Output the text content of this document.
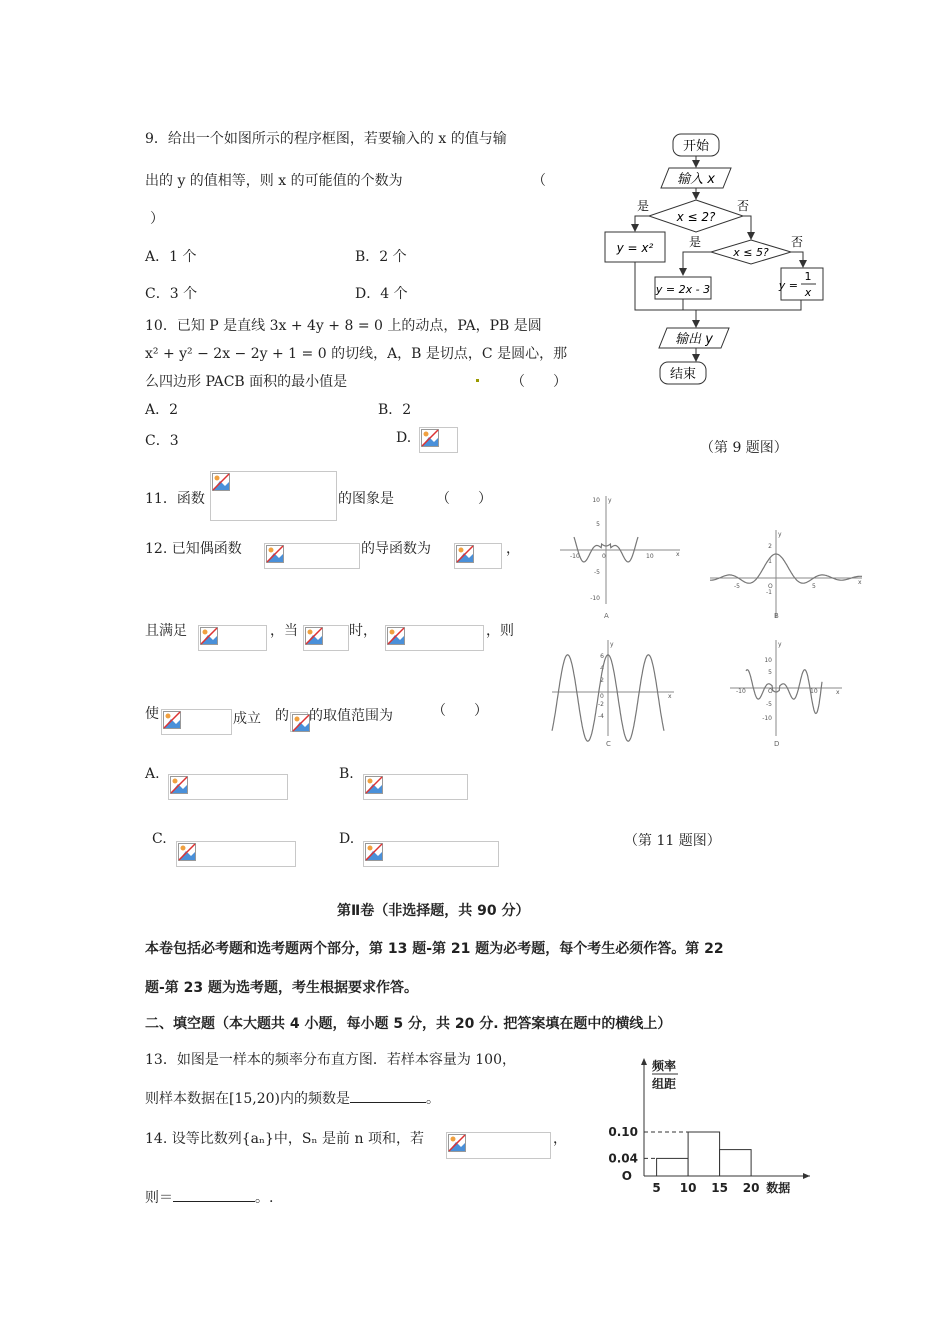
9．给出一个如图所示的程序框图，若要输入的 x 的值与输
出的 y 的值相等，则 x 的可能值的个数为	（
）
A．1 个	B．2 个
C．3 个	D．4 个
开始
输入 x
x ≤ 2?
是	否
y = x²	x ≤ 5?
是	否
y = 2x - 3	y =
1
x
输出 y
结束
10．已知 P 是直线 3x + 4y + 8 = 0 上的动点，PA，PB 是圆
x² + y² − 2x − 2y + 1 = 0 的切线，A，B 是切点，C 是圆心，那
么四边形 PACB 面积的最小值是	（　　）
A．2	B．2
C．3	D.
（第 9 题图）
11．函数	的图象是	（　　）	y
x
10
5
-5
-10
-10	0	10
A
y
x
2
1
-1
-5	O	5
B
y
x
6
4
2
-2
-4
0
C
y
x
10
5
-5
-10
-10	O	10
D
12. 已知偶函数	的导函数为	，
且满足	，当	时，	，则
使	成立 的 的取值范围为	（　　）
A.	B.
C.	D.	（第 11 题图）
第Ⅱ卷（非选择题，共 90 分）
本卷包括必考题和选考题两个部分，第 13 题-第 21 题为必考题，每个考生必须作答。第 22
题-第 23 题为选考题，考生根据要求作答。
二、填空题（本大题共 4 小题，每小题 5 分，共 20 分. 把答案填在题中的横线上）
13．如图是一样本的频率分布直方图．若样本容量为 100，
则样本数据在[15,20)内的频数是	。
14. 设等比数列{aₙ}中，Sₙ 是前 n 项和，若	，
则＝	。.
频率
组距
0.10
0.04
O
5 10 15 20 数据
